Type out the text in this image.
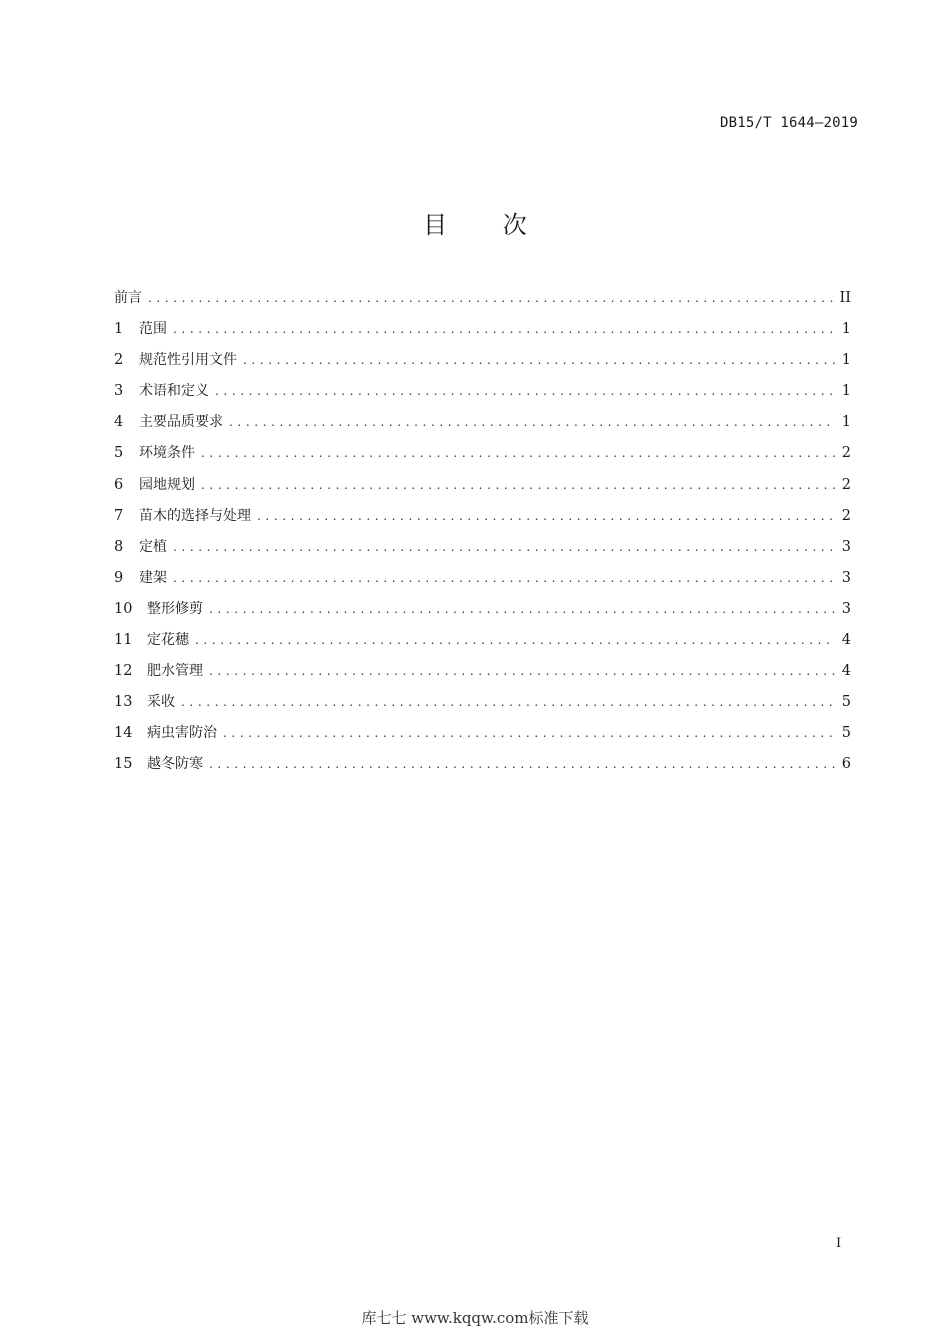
DB15/T 1644—2019
目 次
前言 .....	II
1	范围 .....	1
2	规范性引用文件 .....	1
3	术语和定义 .....	1
4	主要品质要求 .....	1
5	环境条件 .....	2
6	园地规划 .....	2
7	苗木的选择与处理 .....	2
8	定植 .....	3
9	建架 .....	3
10	整形修剪 .....	3
11	定花穗 .....	4
12	肥水管理 .....	4
13	采收 .....	5
14	病虫害防治 .....	5
15	越冬防寒 .....	6
I
库七七 www.kqqw.com标准下载
